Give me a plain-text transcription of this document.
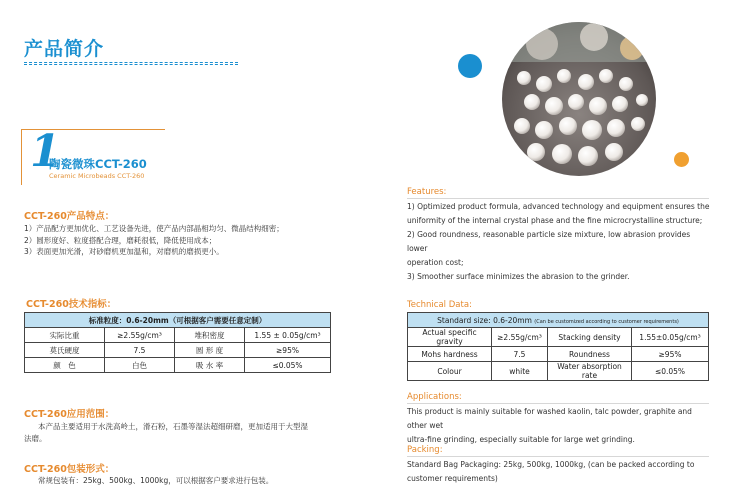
产品简介
1
陶瓷微珠CCT-260
Ceramic Microbeads CCT-260
CCT-260产品特点：
1）产品配方更加优化、工艺设备先进，使产品内部晶相均匀、微晶结构细密；
2）圆形度好、粒度搭配合理，磨耗很低，降低使用成本；
3）表面更加光滑，对砂磨机更加温和，对磨机的磨损更小。
CCT-260技术指标：
标准粒度：0.6-20mm（可根据客户需要任意定制）			
实际比重	≥2.55g/cm³	堆积密度	1.55 ± 0.05g/cm³
莫氏硬度	7.5	圆 形 度	≥95%
颜　色	白色	吸 水 率	≤0.05%
CCT-260应用范围：
本产品主要适用于水洗高岭土，滑石粉，石墨等湿法超细研磨，更加适用于大型湿
法磨。
CCT-260包装形式：
常规包装有：25kg、500kg、1000kg，可以根据客户要求进行包装。
Features:
1) Optimized product formula, advanced technology and equipment ensures the
uniformity of the internal crystal phase and the fine microcrystalline structure;
2) Good roundness, reasonable particle size mixture, low abrasion provides lower
operation cost;
3) Smoother surface minimizes the abrasion to the grinder.
Technical Data:
Standard size: 0.6-20mm (Can be customized according to customer requirements)			
Actual specific gravity	≥2.55g/cm³	Stacking density	1.55±0.05g/cm³
Mohs hardness	7.5	Roundness	≥95%
Colour	white	Water absorption rate	≤0.05%
Applications:
This product is mainly suitable for washed kaolin, talc powder, graphite and other wet
ultra-fine grinding, especially suitable for large wet grinding.
Packing:
Standard Bag Packaging: 25kg, 500kg, 1000kg, (can be packed according to
customer requirements)
